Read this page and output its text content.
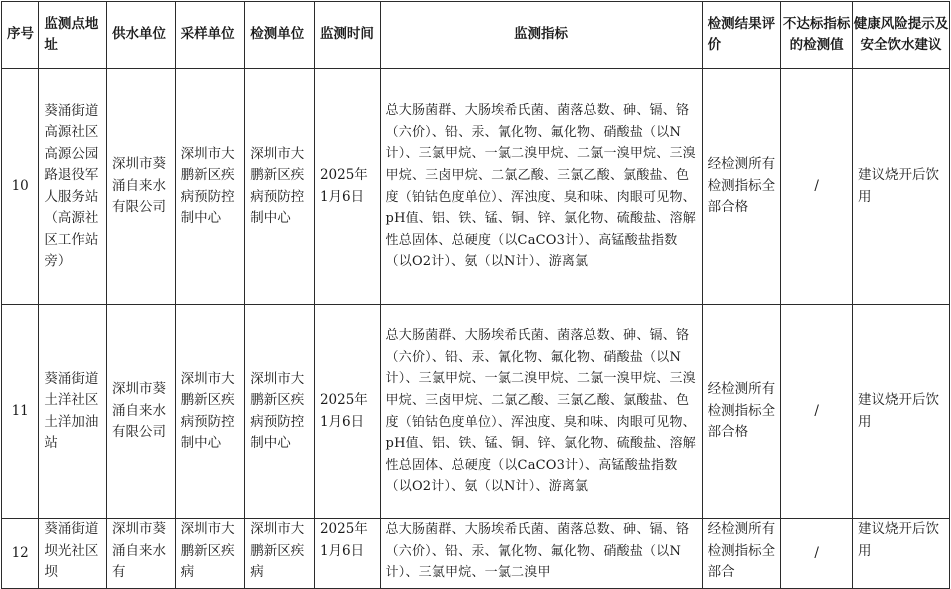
序号	监测点地址	供水单位	采样单位	检测单位	监测时间	监测指标	检测结果评价	不达标指标的检测值	健康风险提示及安全饮水建议
10	葵涌街道高源社区高源公园路退役军人服务站（高源社区工作站旁）	深圳市葵涌自来水有限公司	深圳市大鹏新区疾病预防控制中心	深圳市大鹏新区疾病预防控制中心	2025年1月6日	总大肠菌群、大肠埃希氏菌、菌落总数、砷、镉、铬（六价）、铅、汞、氰化物、氟化物、硝酸盐（以N计）、三氯甲烷、一氯二溴甲烷、二氯一溴甲烷、三溴甲烷、三卤甲烷、二氯乙酸、三氯乙酸、氯酸盐、色度（铂钴色度单位）、浑浊度、臭和味、肉眼可见物、pH值、铝、铁、锰、铜、锌、氯化物、硫酸盐、溶解性总固体、总硬度（以CaCO3计）、高锰酸盐指数（以O2计）、氨（以N计）、游离氯	经检测所有检测指标全部合格	/	建议烧开后饮用
11	葵涌街道土洋社区土洋加油站	深圳市葵涌自来水有限公司	深圳市大鹏新区疾病预防控制中心	深圳市大鹏新区疾病预防控制中心	2025年1月6日	总大肠菌群、大肠埃希氏菌、菌落总数、砷、镉、铬（六价）、铅、汞、氰化物、氟化物、硝酸盐（以N计）、三氯甲烷、一氯二溴甲烷、二氯一溴甲烷、三溴甲烷、三卤甲烷、二氯乙酸、三氯乙酸、氯酸盐、色度（铂钴色度单位）、浑浊度、臭和味、肉眼可见物、pH值、铝、铁、锰、铜、锌、氯化物、硫酸盐、溶解性总固体、总硬度（以CaCO3计）、高锰酸盐指数（以O2计）、氨（以N计）、游离氯	经检测所有检测指标全部合格	/	建议烧开后饮用
12	葵涌街道坝光社区坝	深圳市葵涌自来水有	深圳市大鹏新区疾病	深圳市大鹏新区疾病	2025年1月6日	总大肠菌群、大肠埃希氏菌、菌落总数、砷、镉、铬（六价）、铅、汞、氰化物、氟化物、硝酸盐（以N计）、三氯甲烷、一氯二溴甲	经检测所有检测指标全部合	/	建议烧开后饮用
